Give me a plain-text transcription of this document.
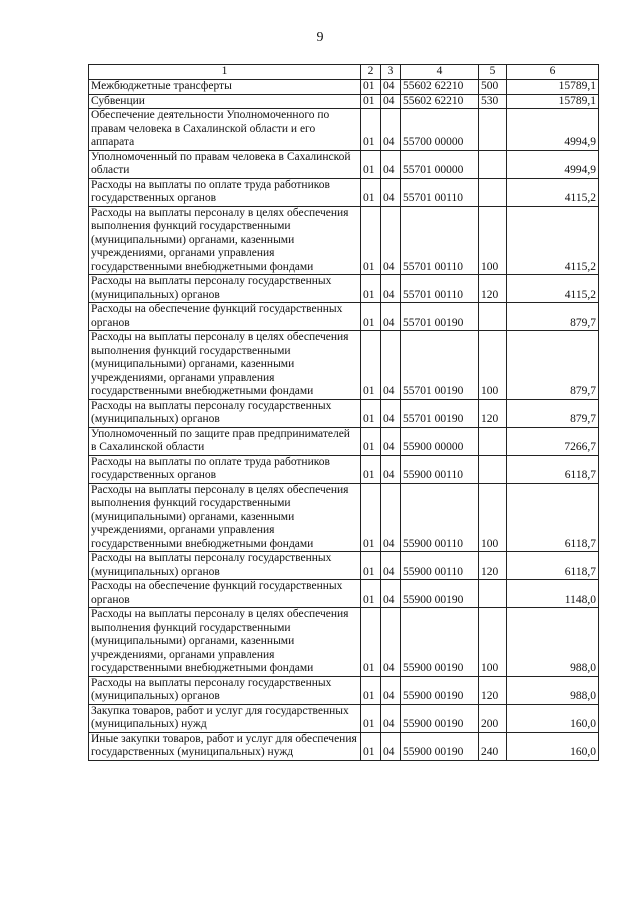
9
1	2	3	4	5	6
Межбюджетные трансферты	01	04	55602 62210	500	15789,1
Субвенции	01	04	55602 62210	530	15789,1
Обеспечение деятельности Уполномоченного по правам человека в Сахалинской области и его аппарата	01	04	55700 00000		4994,9
Уполномоченный по правам человека в Сахалинской области	01	04	55701 00000		4994,9
Расходы на выплаты по оплате труда работников государственных органов	01	04	55701 00110		4115,2
Расходы на выплаты персоналу в целях обеспечения выполнения функций государственными (муниципальными) органами, казенными учреждениями, органами управления государственными внебюджетными фондами	01	04	55701 00110	100	4115,2
Расходы на выплаты персоналу государственных (муниципальных) органов	01	04	55701 00110	120	4115,2
Расходы на обеспечение функций государственных органов	01	04	55701 00190		879,7
Расходы на выплаты персоналу в целях обеспечения выполнения функций государственными (муниципальными) органами, казенными учреждениями, органами управления государственными внебюджетными фондами	01	04	55701 00190	100	879,7
Расходы на выплаты персоналу государственных (муниципальных) органов	01	04	55701 00190	120	879,7
Уполномоченный по защите прав предпринимателей в Сахалинской области	01	04	55900 00000		7266,7
Расходы на выплаты по оплате труда работников государственных органов	01	04	55900 00110		6118,7
Расходы на выплаты персоналу в целях обеспечения выполнения функций государственными (муниципальными) органами, казенными учреждениями, органами управления государственными внебюджетными фондами	01	04	55900 00110	100	6118,7
Расходы на выплаты персоналу государственных (муниципальных) органов	01	04	55900 00110	120	6118,7
Расходы на обеспечение функций государственных органов	01	04	55900 00190		1148,0
Расходы на выплаты персоналу в целях обеспечения выполнения функций государственными (муниципальными) органами, казенными учреждениями, органами управления государственными внебюджетными фондами	01	04	55900 00190	100	988,0
Расходы на выплаты персоналу государственных (муниципальных) органов	01	04	55900 00190	120	988,0
Закупка товаров, работ и услуг для государственных (муниципальных) нужд	01	04	55900 00190	200	160,0
Иные закупки товаров, работ и услуг для обеспечения государственных (муниципальных) нужд	01	04	55900 00190	240	160,0
